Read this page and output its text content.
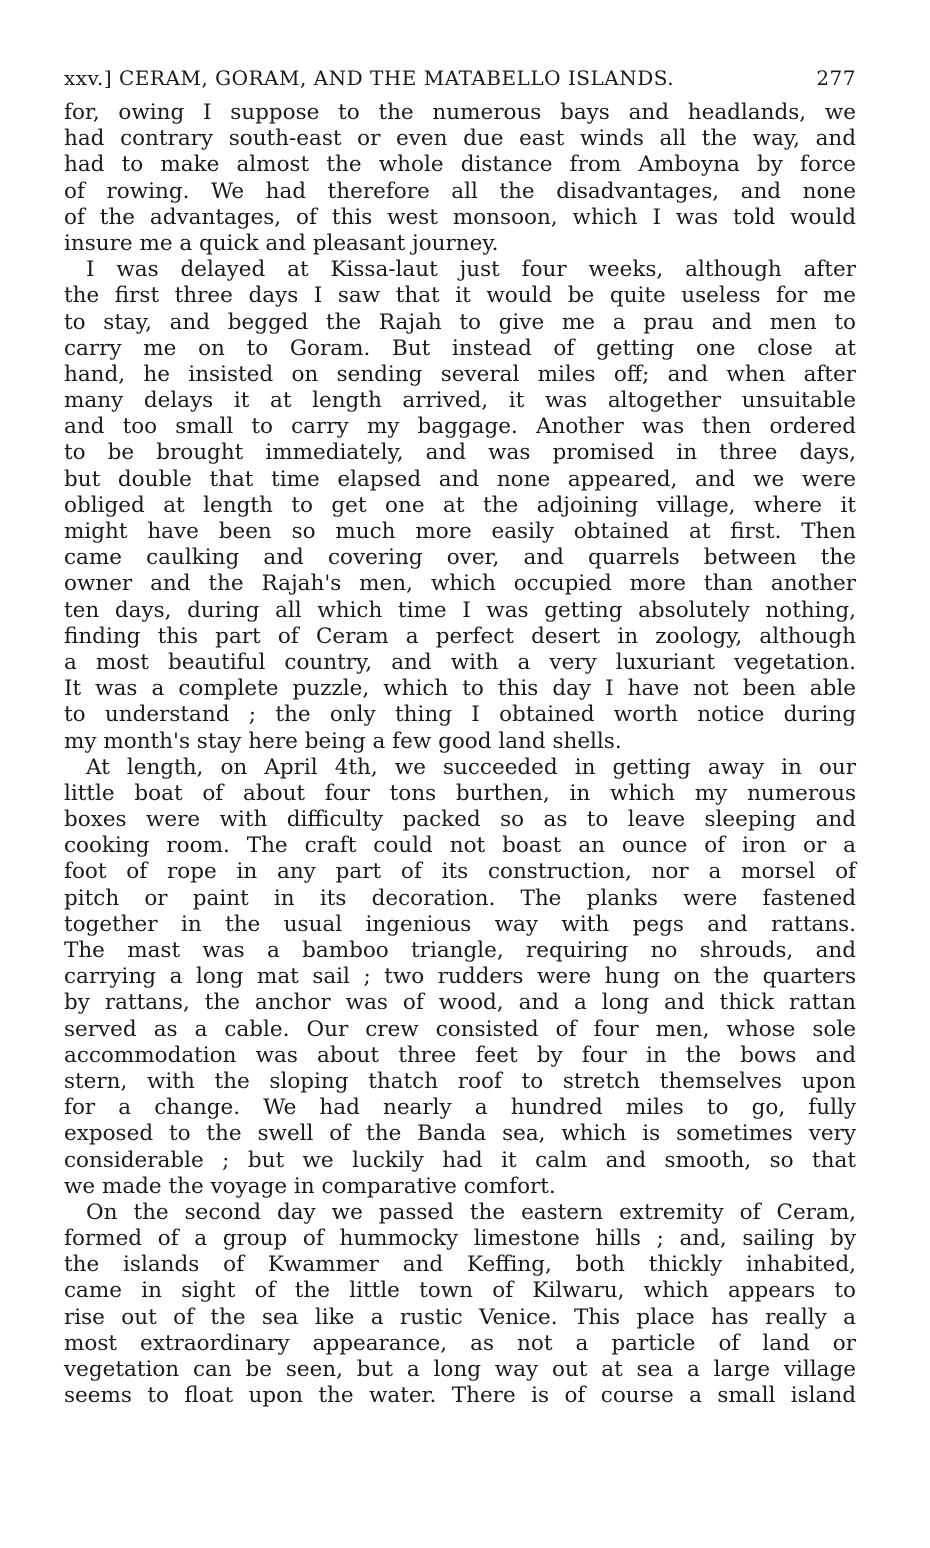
xxv.] CERAM, GORAM, AND THE MATABELLO ISLANDS.	277
for, owing I suppose to the numerous bays and headlands, we
had contrary south-east or even due east winds all the way, and
had to make almost the whole distance from Amboyna by force
of rowing. We had therefore all the disadvantages, and none
of the advantages, of this west monsoon, which I was told would
insure me a quick and pleasant journey.
I was delayed at Kissa-laut just four weeks, although after
the first three days I saw that it would be quite useless for me
to stay, and begged the Rajah to give me a prau and men to
carry me on to Goram. But instead of getting one close at
hand, he insisted on sending several miles off; and when after
many delays it at length arrived, it was altogether unsuitable
and too small to carry my baggage. Another was then ordered
to be brought immediately, and was promised in three days,
but double that time elapsed and none appeared, and we were
obliged at length to get one at the adjoining village, where it
might have been so much more easily obtained at first. Then
came caulking and covering over, and quarrels between the
owner and the Rajah's men, which occupied more than another
ten days, during all which time I was getting absolutely nothing,
finding this part of Ceram a perfect desert in zoology, although
a most beautiful country, and with a very luxuriant vegetation.
It was a complete puzzle, which to this day I have not been able
to understand ; the only thing I obtained worth notice during
my month's stay here being a few good land shells.
At length, on April 4th, we succeeded in getting away in our
little boat of about four tons burthen, in which my numerous
boxes were with difficulty packed so as to leave sleeping and
cooking room. The craft could not boast an ounce of iron or a
foot of rope in any part of its construction, nor a morsel of
pitch or paint in its decoration. The planks were fastened
together in the usual ingenious way with pegs and rattans.
The mast was a bamboo triangle, requiring no shrouds, and
carrying a long mat sail ; two rudders were hung on the quarters
by rattans, the anchor was of wood, and a long and thick rattan
served as a cable. Our crew consisted of four men, whose sole
accommodation was about three feet by four in the bows and
stern, with the sloping thatch roof to stretch themselves upon
for a change. We had nearly a hundred miles to go, fully
exposed to the swell of the Banda sea, which is sometimes very
considerable ; but we luckily had it calm and smooth, so that
we made the voyage in comparative comfort.
On the second day we passed the eastern extremity of Ceram,
formed of a group of hummocky limestone hills ; and, sailing by
the islands of Kwammer and Keffing, both thickly inhabited,
came in sight of the little town of Kilwaru, which appears to
rise out of the sea like a rustic Venice. This place has really a
most extraordinary appearance, as not a particle of land or
vegetation can be seen, but a long way out at sea a large village
seems to float upon the water. There is of course a small island
